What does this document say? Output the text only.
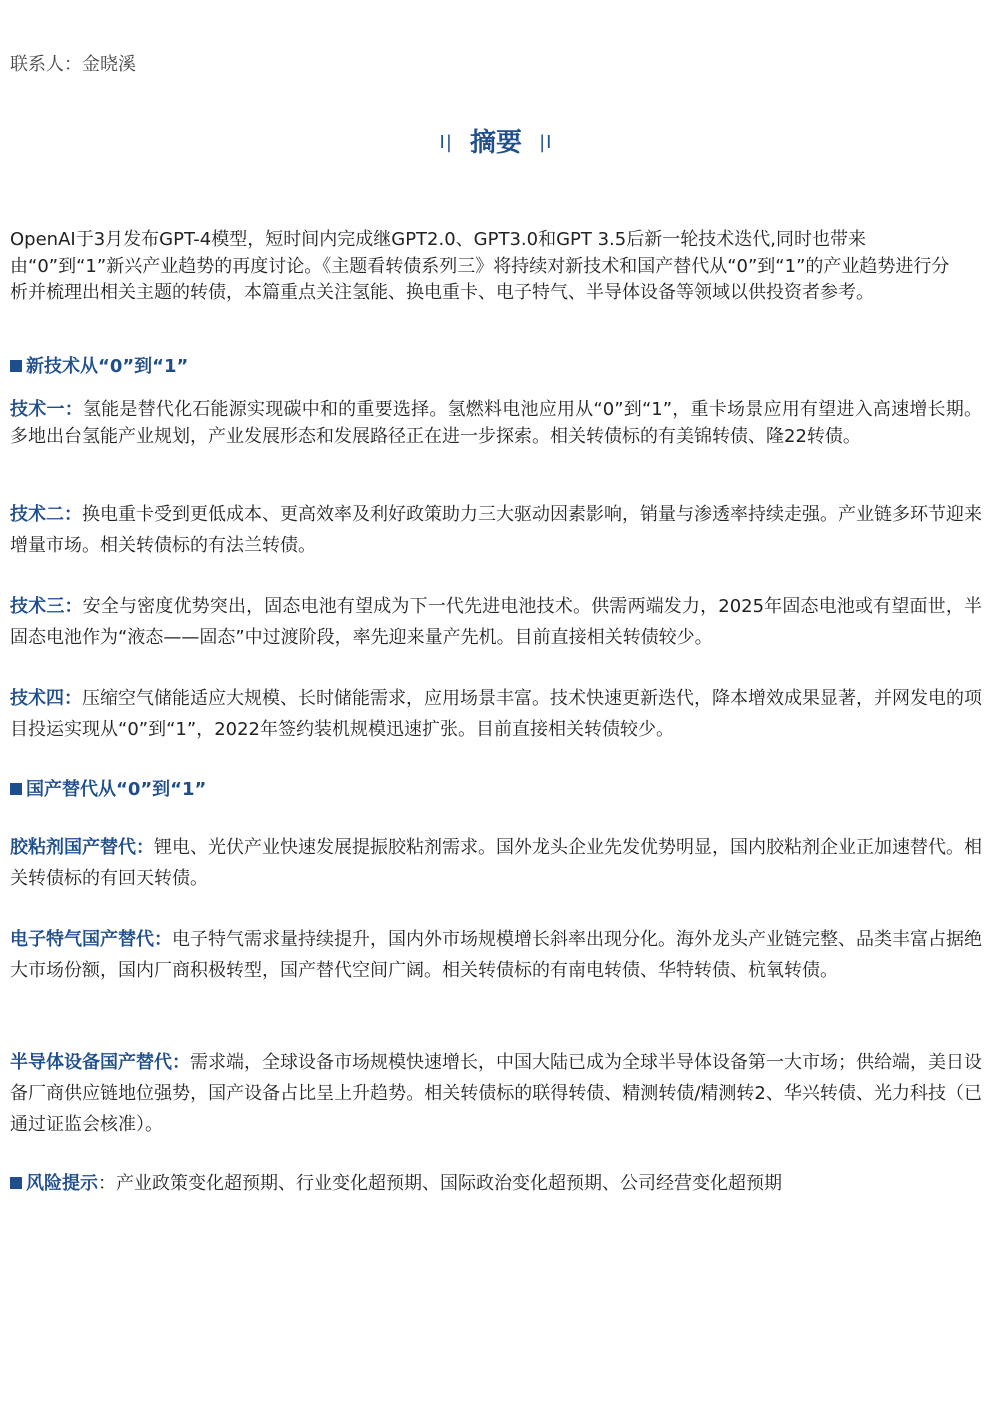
联系人：金晓溪
I| 摘要 |I

OpenAI于3月发布GPT-4模型，短时间内完成继GPT2.0、GPT3.0和GPT 3.5后新一轮技术迭代,同时也带来由“0”到“1”新兴产业趋势的再度讨论。《主题看转债系列三》将持续对新技术和国产替代从“0”到“1”的产业趋势进行分析并梳理出相关主题的转债，本篇重点关注氢能、换电重卡、电子特气、半导体设备等领域以供投资者参考。

新技术从“0”到“1”

技术一：氢能是替代化石能源实现碳中和的重要选择。氢燃料电池应用从“0”到“1”，重卡场景应用有望进入高速增长期。多地出台氢能产业规划，产业发展形态和发展路径正在进一步探索。相关转债标的有美锦转债、隆22转债。

技术二：换电重卡受到更低成本、更高效率及利好政策助力三大驱动因素影响，销量与渗透率持续走强。产业链多环节迎来增量市场。相关转债标的有法兰转债。

技术三：安全与密度优势突出，固态电池有望成为下一代先进电池技术。供需两端发力，2025年固态电池或有望面世，半固态电池作为“液态——固态”中过渡阶段，率先迎来量产先机。目前直接相关转债较少。

技术四：压缩空气储能适应大规模、长时储能需求，应用场景丰富。技术快速更新迭代，降本增效成果显著，并网发电的项目投运实现从“0”到“1”，2022年签约装机规模迅速扩张。目前直接相关转债较少。

国产替代从“0”到“1”

胶粘剂国产替代：锂电、光伏产业快速发展提振胶粘剂需求。国外龙头企业先发优势明显，国内胶粘剂企业正加速替代。相关转债标的有回天转债。

电子特气国产替代：电子特气需求量持续提升，国内外市场规模增长斜率出现分化。海外龙头产业链完整、品类丰富占据绝大市场份额，国内厂商积极转型，国产替代空间广阔。相关转债标的有南电转债、华特转债、杭氧转债。

半导体设备国产替代：需求端，全球设备市场规模快速增长，中国大陆已成为全球半导体设备第一大市场；供给端，美日设备厂商供应链地位强势，国产设备占比呈上升趋势。相关转债标的联得转债、精测转债/精测转2、华兴转债、光力科技（已通过证监会核准）。

风险提示：产业政策变化超预期、行业变化超预期、国际政治变化超预期、公司经营变化超预期
